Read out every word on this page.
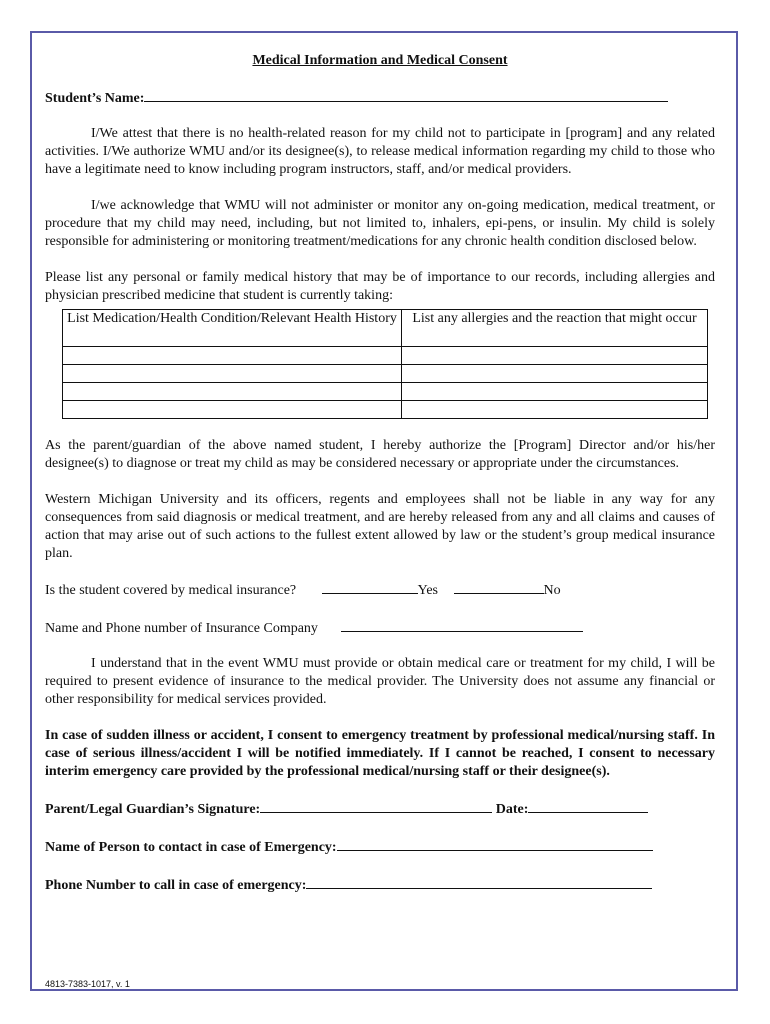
Medical Information and Medical Consent
Student’s Name:

I/We attest that there is no health-related reason for my child not to participate in [program] and any related activities. I/We authorize WMU and/or its designee(s), to release medical information regarding my child to those who have a legitimate need to know including program instructors, staff, and/or medical providers.

I/we acknowledge that WMU will not administer or monitor any on-going medication, medical treatment, or procedure that my child may need, including, but not limited to, inhalers, epi-pens, or insulin. My child is solely responsible for administering or monitoring treatment/medications for any chronic health condition disclosed below.

Please list any personal or family medical history that may be of importance to our records, including allergies and physician prescribed medicine that student is currently taking:

List Medication/Health Condition/Relevant Health History	List any allergies and the reaction that might occur

As the parent/guardian of the above named student, I hereby authorize the [Program] Director and/or his/her designee(s) to diagnose or treat my child as may be considered necessary or appropriate under the circumstances.

Western Michigan University and its officers, regents and employees shall not be liable in any way for any consequences from said diagnosis or medical treatment, and are hereby released from any and all claims and causes of action that may arise out of such actions to the fullest extent allowed by law or the student’s group medical insurance plan.

Is the student covered by medical insurance?	Yes	No
Name and Phone number of Insurance Company

I understand that in the event WMU must provide or obtain medical care or treatment for my child, I will be required to present evidence of insurance to the medical provider. The University does not assume any financial or other responsibility for medical services provided.

In case of sudden illness or accident, I consent to emergency treatment by professional medical/nursing staff. In case of serious illness/accident I will be notified immediately. If I cannot be reached, I consent to necessary interim emergency care provided by the professional medical/nursing staff or their designee(s).

Parent/Legal Guardian’s Signature:	Date:
Name of Person to contact in case of Emergency:
Phone Number to call in case of emergency:
4813-7383-1017, v. 1
